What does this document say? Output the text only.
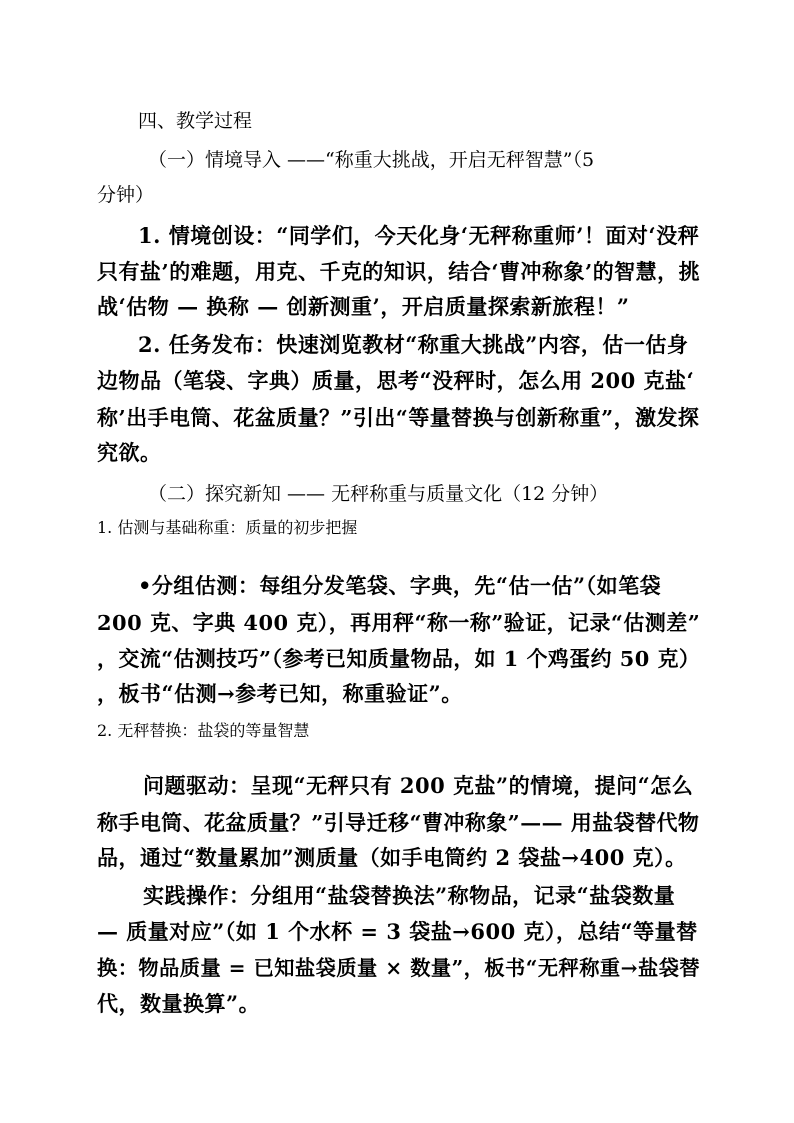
四、教学过程
（一）情境导入 ——“称重大挑战，开启无秤智慧”（5
分钟）
1. 情境创设：“同学们，今天化身‘无秤称重师’！面对‘没秤
只有盐’的难题，用克、千克的知识，结合‘曹冲称象’的智慧，挑
战‘估物 — 换称 — 创新测重’，开启质量探索新旅程！”
2. 任务发布：快速浏览教材“称重大挑战”内容，估一估身
边物品（笔袋、字典）质量，思考“没秤时，怎么用 200 克盐‘
称’出手电筒、花盆质量？”引出“等量替换与创新称重”，激发探
究欲。
（二）探究新知 —— 无秤称重与质量文化（12 分钟）
1. 估测与基础称重：质量的初步把握
•分组估测：每组分发笔袋、字典，先“估一估”（如笔袋
200 克、字典 400 克），再用秤“称一称”验证，记录“估测差”
，交流“估测技巧”（参考已知质量物品，如 1 个鸡蛋约 50 克）
，板书“估测→参考已知，称重验证”。
2. 无秤替换：盐袋的等量智慧
问题驱动：呈现“无秤只有 200 克盐”的情境，提问“怎么
称手电筒、花盆质量？”引导迁移“曹冲称象”—— 用盐袋替代物
品，通过“数量累加”测质量（如手电筒约 2 袋盐→400 克）。
实践操作：分组用“盐袋替换法”称物品，记录“盐袋数量
— 质量对应”（如 1 个水杯 = 3 袋盐→600 克），总结“等量替
换：物品质量 = 已知盐袋质量 × 数量”，板书“无秤称重→盐袋替
代，数量换算”。
